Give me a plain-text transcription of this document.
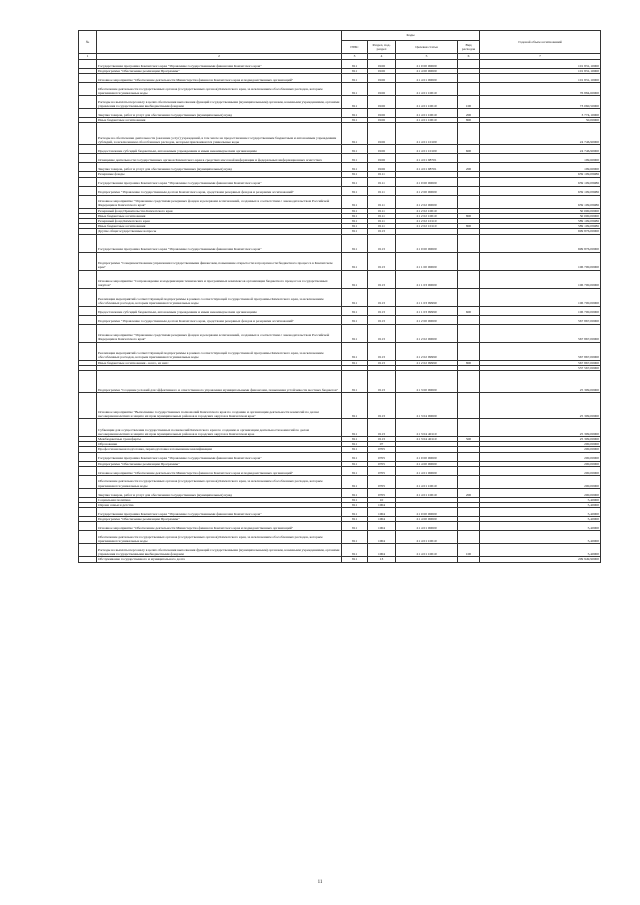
№		Коды				Годовой объем ассигнований
		ГРБС	Раздел, под-раздел	Целевая статья	Вид расходов	
1	2	3	4	5	6	7
	Государственная программа Камчатского края "Управление государственными финансами Камчатского края"	811	0106	21 0 00 00000		101 831,10000
	Подпрограмма "Обеспечение реализации Программы"	811	0106	21 4 00 00000		101 831,10000
	Основное мероприятие "Обеспечение деятельности Министерства финансов Камчатского края и подведомственных организаций"	811	0106	21 4 01 00000		101 831,10000
	Обеспечение деятельности государственных органов (государственных органов) Камчатского края, за исключением обособленных расходов, которым присваиваются уникальные коды	811	0106	21 4 01 10010		76 884,60000
	Расходы на выплаты персоналу в целях обеспечения выполнения функций государственными (муниципальными) органами, казенными учреждениями, органами управления государственными внебюджетными фондами	811	0106	21 4 01 10010	100	73 060,50000
	Закупка товаров, работ и услуг для обеспечения государственных (муниципальных) нужд	811	0106	21 4 01 10010	200	3 774,10000
	Иные бюджетные ассигнования	811	0106	21 4 01 10010	800	50,00000
	Расходы на обеспечение деятельности (оказание услуг) учреждений, в том числе на предоставление государственным бюджетным и автономным учреждениям субсидий, за исключением обособленных расходов, которым присваиваются уникальные коды	811	0106	21 4 01 10100		24 746,90000
	Предоставление субсидий бюджетным, автономным учреждениям и иным некоммерческим организациям	811	0106	21 4 01 10100	600	24 746,90000
	Освещение деятельности государственных органов Камчатского края в средствах массовой информации и федеральных информационных агентствах	811	0106	21 4 01 98701		199,60000
	Закупка товаров, работ и услуг для обеспечения государственных (муниципальных) нужд	811	0106	21 4 01 98701	200	199,60000
	Резервные фонды	811	0111			639 109,09986
	Государственная программа Камчатского края "Управление государственными финансами Камчатского края"	811	0111	21 0 00 00000		639 109,09986
	Подпрограмма "Управление государственным долгом Камчатского края, средствами резервных фондов и резервами ассигнований"	811	0111	21 2 00 00000		639 109,09986
	Основное мероприятие "Управление средствами резервных фондов и резервами ассигнований, созданных в соответствии с законодательством Российской Федерации и Камчатского края"	811	0111	21 2 02 00000		639 109,09986
	Резервный фонд Правительства Камчатского края	811	0111	21 2 02 10010		50 000,00000
	Иные бюджетные ассигнования	811	0111	21 2 02 10010	800	50 000,00000
	Резервный фонд Камчатского края	811	0111	21 2 02 10110		589 109,09986
	Иные бюджетные ассигнования	811	0111	21 2 02 10110	800	589 109,09986
	Другие общегосударственные вопросы	811	0113			699 876,00000
	Государственная программа Камчатского края "Управление государственными финансами Камчатского края"	811	0113	21 0 00 00000		699 876,00000
	Подпрограмма "Совершенствование управления государственными финансами, повышение открытости и прозрачности бюджетного процесса в Камчатском крае"	811	0113	21 1 00 00000		106 700,00000
	Основное мероприятие "Сопровождение и модернизация технических и программных комплексов организации бюджетного процесса и государственных закупок"	811	0113	21 1 03 00000		106 700,00000
	Реализация мероприятий соответствующей подпрограммы в рамках соответствующей государственной программы Камчатского края, за исключением обособленных расходов, которым присваиваются уникальные коды	811	0113	21 1 03 99990		106 700,00000
	Предоставление субсидий бюджетным, автономным учреждениям и иным некоммерческим организациям	811	0113	21 1 03 99990	600	106 700,00000
	Подпрограмма "Управление государственным долгом Камчатского края, средствами резервных фондов и резервами ассигнований"	811	0113	21 2 00 00000		567 867,00000
	Основное мероприятие "Управление средствами резервных фондов и резервами ассигнований, созданных в соответствии с законодательством Российской Федерации и Камчатского края"	811	0113	21 2 02 00000		567 867,00000
	Реализация мероприятий соответствующей подпрограммы в рамках соответствующей государственной программы Камчатского края, за исключением обособленных расходов, которым присваиваются уникальные коды	811	0113	21 2 02 99990		567 867,00000
	Иные бюджетные ассигнования - всего, из них:	811	0113	21 2 02 99990	800	567 867,00000
						537 567,00000
	Подпрограмма "Создание условий для эффективного и ответственного управления муниципальными финансами, повышения устойчивости местных бюджетов"	811	0113	21 3 00 00000		25 309,00000
	Основное мероприятие "Выполнение государственных полномочий Камчатского края по созданию и организации деятельности комиссий по делам несовершеннолетних и защите их прав муниципальных районов и городских округов в Камчатском крае"	811	0113	21 3 04 00000		25 309,00000
	Субвенции для осуществления государственных полномочий Камчатского края по созданию и организации деятельности комиссий по делам несовершеннолетних и защите их прав муниципальных районов и городских округов в Камчатском крае	811	0113	21 3 04 40110		25 309,00000
	Межбюджетные трансферты	811	0113	21 3 04 40110	500	25 309,00000
	Образование	811	07			200,00000
	Профессиональная подготовка, переподготовка и повышение квалификации	811	0705			200,00000
	Государственная программа Камчатского края "Управление государственными финансами Камчатского края"	811	0705	21 0 00 00000		200,00000
	Подпрограмма "Обеспечение реализации Программы"	811	0705	21 4 00 00000		200,00000
	Основное мероприятие "Обеспечение деятельности Министерства финансов Камчатского края и подведомственных организаций"	811	0705	21 4 01 00000		200,00000
	Обеспечение деятельности государственных органов (государственных органов) Камчатского края, за исключением обособленных расходов, которым присваиваются уникальные коды	811	0705	21 4 01 10010		200,00000
	Закупка товаров, работ и услуг для обеспечения государственных (муниципальных) нужд	811	0705	21 4 01 10010	200	200,00000
	Социальная политика	811	10			5,40000
	Охрана семьи и детства	811	1004			5,40000
	Государственная программа Камчатского края "Управление государственными финансами Камчатского края"	811	1004	21 0 00 00000		5,40000
	Подпрограмма "Обеспечение реализации Программы"	811	1004	21 4 00 00000		5,40000
	Основное мероприятие "Обеспечение деятельности Министерства финансов Камчатского края и подведомственных организаций"	811	1004	21 4 01 00000		5,40000
	Обеспечение деятельности государственных органов (государственных органов) Камчатского края, за исключением обособленных расходов, которым присваиваются уникальные коды	811	1004	21 4 01 10010		5,40000
	Расходы на выплаты персоналу в целях обеспечения выполнения функций государственными (муниципальными) органами, казенными учреждениями, органами управления государственными внебюджетными фондами	811	1004	21 4 01 10010	100	5,40000
	Обслуживание государственного и муниципального долга	811	13			209 949,90000
11
